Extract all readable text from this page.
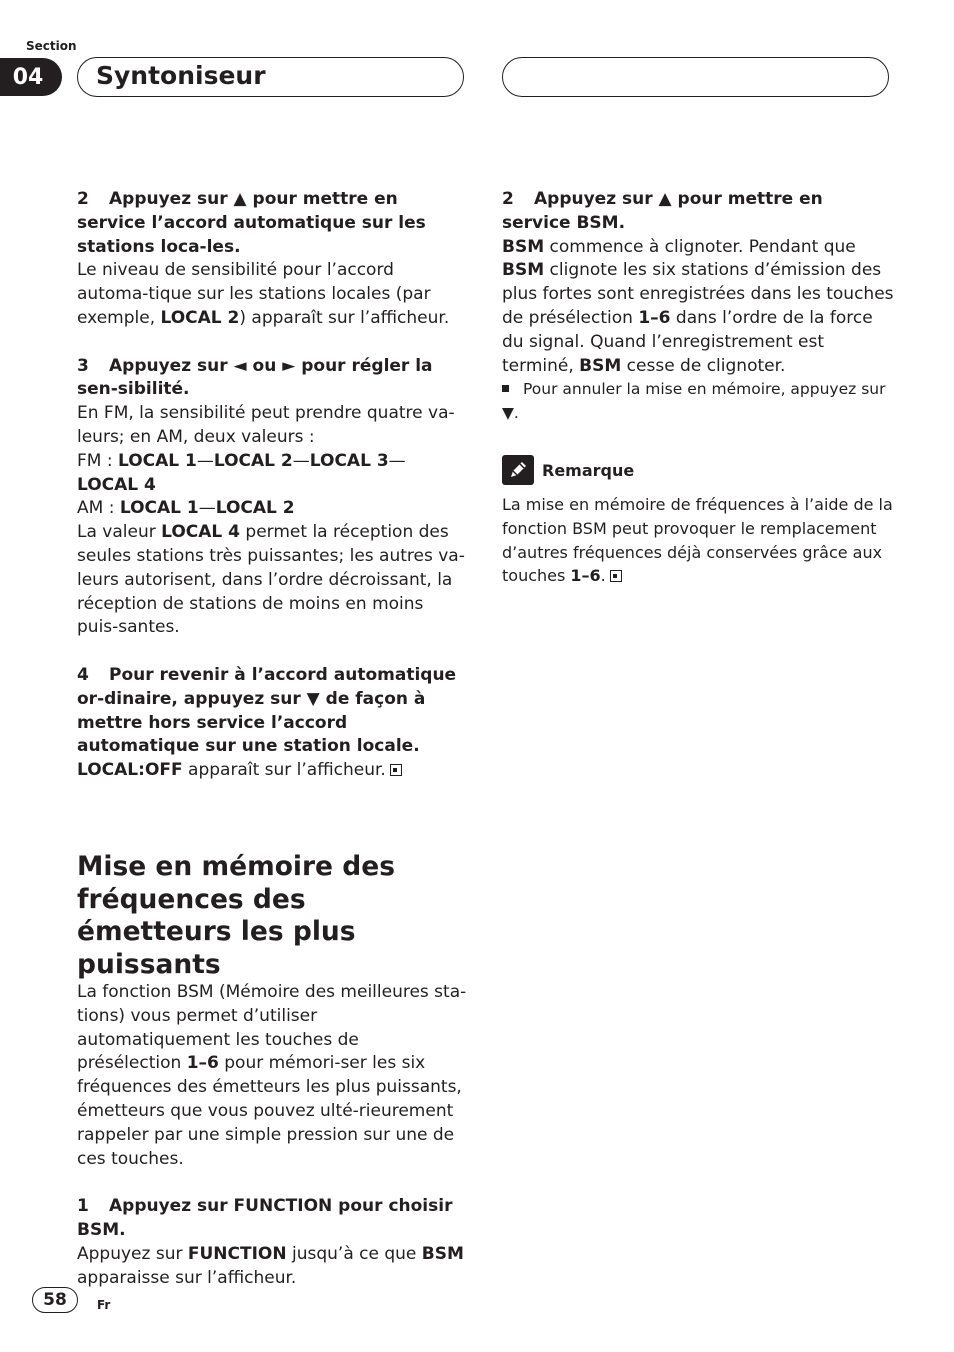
Section
04	Syntoniseur

2 Appuyez sur ▲ pour mettre en service l’accord automatique sur les stations loca-les.

Le niveau de sensibilité pour l’accord automa-tique sur les stations locales (par exemple, LOCAL 2) apparaît sur l’afficheur.

3 Appuyez sur ◄ ou ► pour régler la sen-sibilité.

En FM, la sensibilité peut prendre quatre va-leurs; en AM, deux valeurs :

FM : LOCAL 1—LOCAL 2—LOCAL 3—
LOCAL 4

AM : LOCAL 1—LOCAL 2

La valeur LOCAL 4 permet la réception des seules stations très puissantes; les autres va-leurs autorisent, dans l’ordre décroissant, la réception de stations de moins en moins puis-santes.

4 Pour revenir à l’accord automatique or-dinaire, appuyez sur ▼ de façon à mettre hors service l’accord automatique sur une station locale.

LOCAL:OFF apparaît sur l’afficheur.

Mise en mémoire des fréquences des émetteurs les plus puissants

La fonction BSM (Mémoire des meilleures sta-tions) vous permet d’utiliser automatiquement les touches de présélection 1–6 pour mémori-ser les six fréquences des émetteurs les plus puissants, émetteurs que vous pouvez ulté-rieurement rappeler par une simple pression sur une de ces touches.

1 Appuyez sur FUNCTION pour choisir BSM.

Appuyez sur FUNCTION jusqu’à ce que BSM apparaisse sur l’afficheur.

2 Appuyez sur ▲ pour mettre en service BSM.

BSM commence à clignoter. Pendant que BSM clignote les six stations d’émission des plus fortes sont enregistrées dans les touches de présélection 1–6 dans l’ordre de la force du signal. Quand l’enregistrement est terminé, BSM cesse de clignoter.

Pour annuler la mise en mémoire, appuyez sur ▼.

Remarque

La mise en mémoire de fréquences à l’aide de la fonction BSM peut provoquer le remplacement d’autres fréquences déjà conservées grâce aux touches 1–6.

58	Fr
